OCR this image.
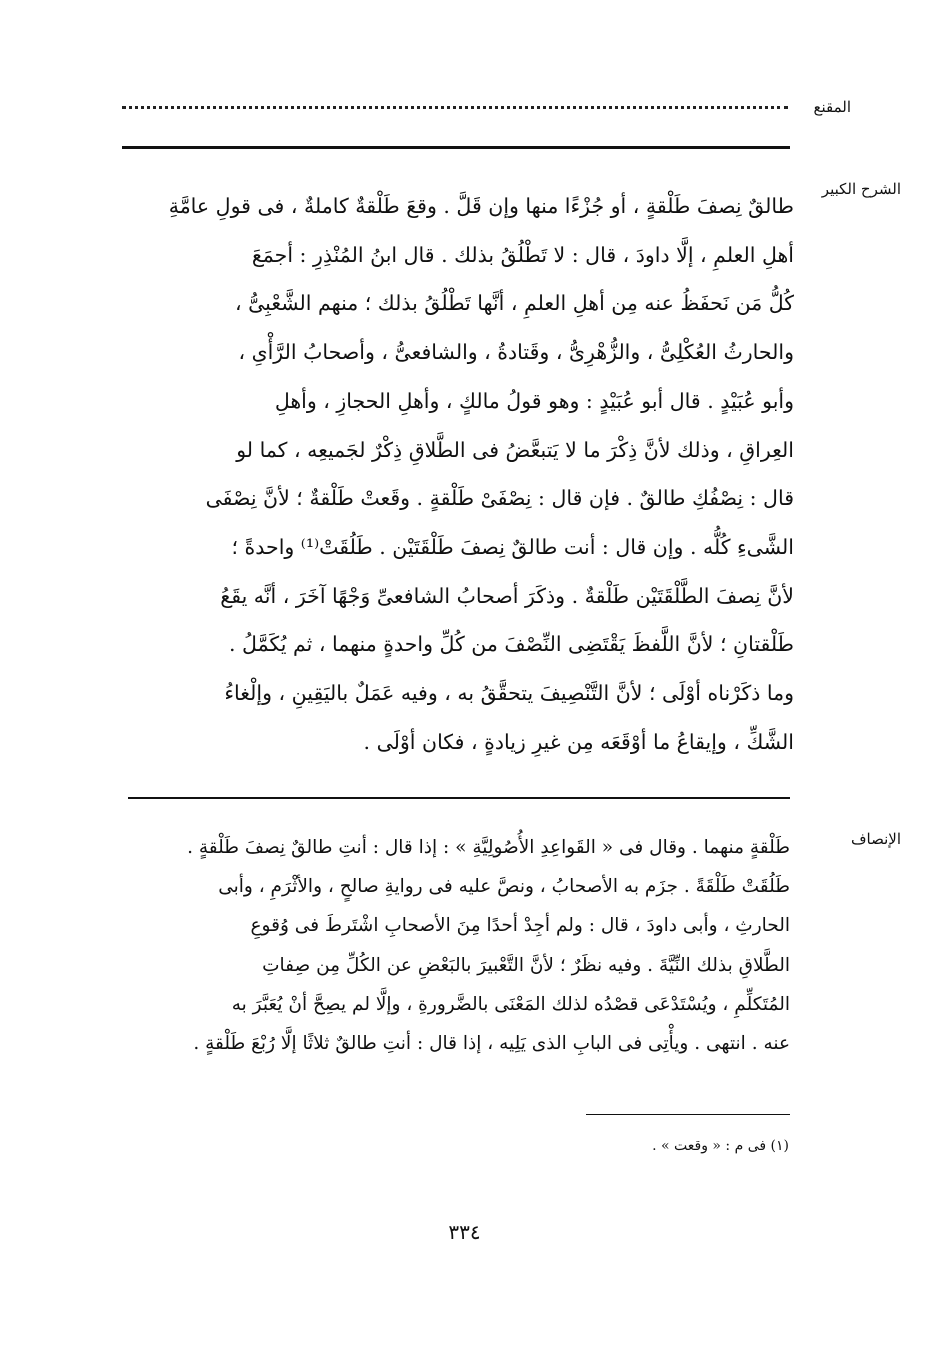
المقنع
الشرح الكبير
طالقٌ نِصفَ طَلْقةٍ ، أو جُزْءًا منها وإن قَلَّ . وقعَ طَلْقةٌ كاملةٌ ، فى قولِ عامَّةِ
أهلِ العلمِ ، إلَّا داودَ ، قال : لا تَطْلُقُ بذلك . قال ابنُ المُنْذِرِ : أجمَعَ
كُلُّ مَن نَحفَظُ عنه مِن أهلِ العلمِ ، أنَّها تَطْلُقُ بذلك ؛ منهم الشَّعْبِىُّ ،
والحارثُ العُكْلِىُّ ، والزُّهْرِىُّ ، وقَتادةُ ، والشافعىُّ ، وأصحابُ الرَّأْىِ ،
وأبو عُبَيْدٍ . قال أبو عُبَيْدٍ : وهو قولُ مالكٍ ، وأهلِ الحجازِ ، وأهلِ
العِراقِ ، وذلك لأنَّ ذِكْرَ ما لا يَتبعَّضُ فى الطَّلاقِ ذِكْرٌ لجَميعِه ، كما لو
قال : نِصْفُكِ طالقٌ . فإن قال : نِصْفَىْ طَلْقةٍ . وقَعتْ طَلْقةٌ ؛ لأنَّ نِصْفَى
الشَّىءِ كُلُّه . وإن قال : أنت طالقٌ نِصفَ طَلْقَتَيْن . طَلُقَتْ⁽¹⁾ واحدةً ؛
لأنَّ نِصفَ الطَّلْقَتَيْن طَلْقةٌ . وذكَرَ أصحابُ الشافعىِّ وَجْهًا آخَرَ ، أنَّه يقَعُ
طَلْقتانِ ؛ لأنَّ اللَّفظَ يَقْتَضِى النِّصْفَ من كُلِّ واحدةٍ منهما ، ثم يُكَمَّلُ .
وما ذكَرْناه أوْلَى ؛ لأنَّ التَّنْصِيفَ يتحقَّقُ به ، وفيه عَمَلٌ باليَقِينِ ، وإلْغاءُ
الشَّكِّ ، وإيقاعُ ما أوْقَعَه مِن غيرِ زيادةٍ ، فكان أوْلَى .
الإنصاف
طَلْقةٍ منهما . وقال فى « القَواعِدِ الأُصُولِيَّةِ » : إذا قال : أنتِ طالقٌ نِصفَ طَلْقةٍ .
طَلُقَتْ طَلْقَةً . جزَم به الأصحابُ ، ونصَّ عليه فى روايةِ صالحٍ ، والأثْرَمِ ، وأبى
الحارثِ ، وأبى داودَ ، قال : ولم أجِدْ أحدًا مِنَ الأصحابِ اشْتَرطَ فى وُقوعِ
الطَّلاقِ بذلك النِّيَّةَ . وفيه نظَرٌ ؛ لأنَّ التَّعْبيرَ بالبَعْضِ عن الكُلِّ مِن صِفاتِ
المُتَكلِّمِ ، ويُسْتَدْعَى قصْدُه لذلك المَعْنَى بالضَّرورةِ ، وإلَّا لم يصِحَّ أنْ يُعَبَّرَ به
عنه . انتهى . ويأْتِى فى البابِ الذى يَلِيه ، إذا قال : أنتِ طالقٌ ثلاثًا إلَّا رُبْعَ طَلْقةٍ .
(١) فى م : « وقعت » .
٣٣٤
